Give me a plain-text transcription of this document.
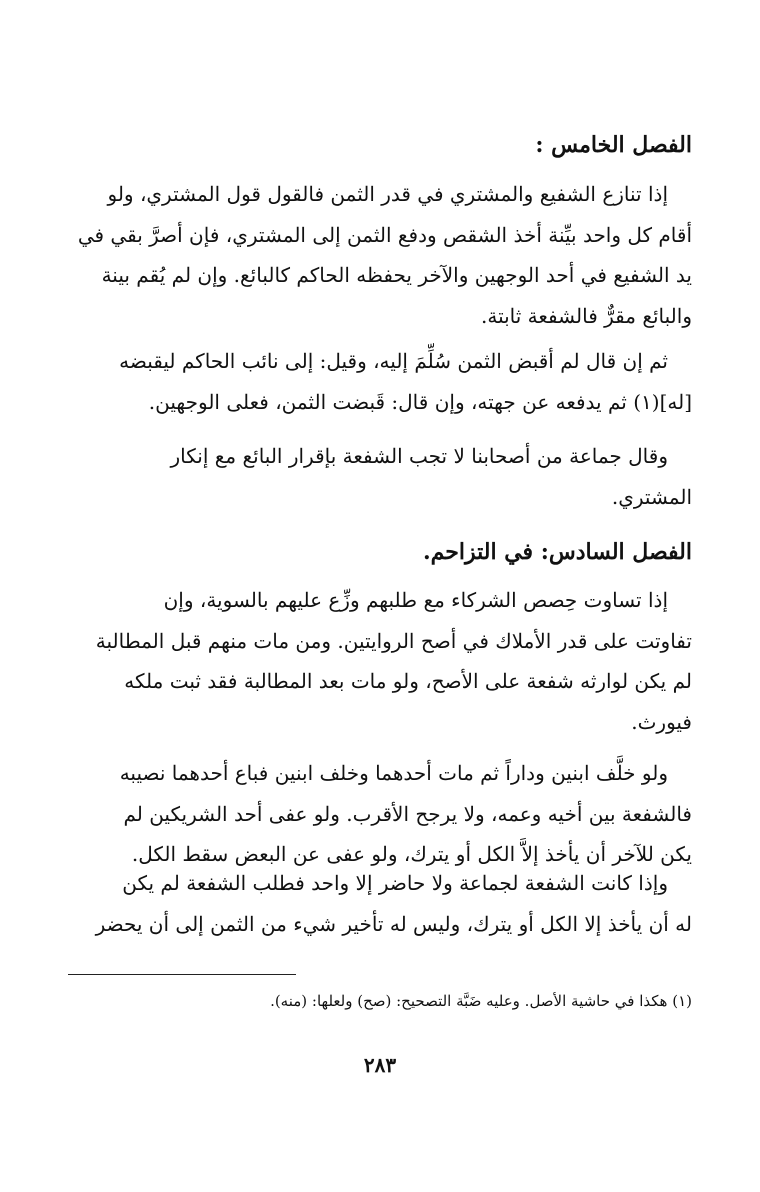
الفصل الخامس :

إذا تنازع الشفيع والمشتري في قدر الثمن فالقول قول المشتري، ولو

أقام كل واحد بيِّنة أخذ الشقص ودفع الثمن إلى المشتري، فإن أصرَّ بقي في

يد الشفيع في أحد الوجهين والآخر يحفظه الحاكم كالبائع. وإن لم يُقم بينة

والبائع مقرٌّ فالشفعة ثابتة.

ثم إن قال لم أقبض الثمن سُلِّمَ إليه، وقيل: إلى نائب الحاكم ليقبضه

[له](١) ثم يدفعه عن جهته، وإن قال: قَبضت الثمن، فعلى الوجهين.

وقال جماعة من أصحابنا لا تجب الشفعة بإقرار البائع مع إنكار

المشتري.

الفصل السادس: في التزاحم.

إذا تساوت حِصص الشركاء مع طلبهم وزِّع عليهم بالسوية، وإن

تفاوتت على قدر الأملاك في أصح الروايتين. ومن مات منهم قبل المطالبة

لم يكن لوارثه شفعة على الأصح، ولو مات بعد المطالبة فقد ثبت ملكه

فيورث.

ولو خلَّف ابنين وداراً ثم مات أحدهما وخلف ابنين فباع أحدهما نصيبه

فالشفعة بين أخيه وعمه، ولا يرجح الأقرب. ولو عفى أحد الشريكين لم

يكن للآخر أن يأخذ إلاَّ الكل أو يترك، ولو عفى عن البعض سقط الكل.

وإذا كانت الشفعة لجماعة ولا حاضر إلا واحد فطلب الشفعة لم يكن

له أن يأخذ إلا الكل أو يترك، وليس له تأخير شيء من الثمن إلى أن يحضر

(١) هكذا في حاشية الأصل. وعليه ضَبَّة التصحيح: (صح) ولعلها: (منه).
٢٨٣
